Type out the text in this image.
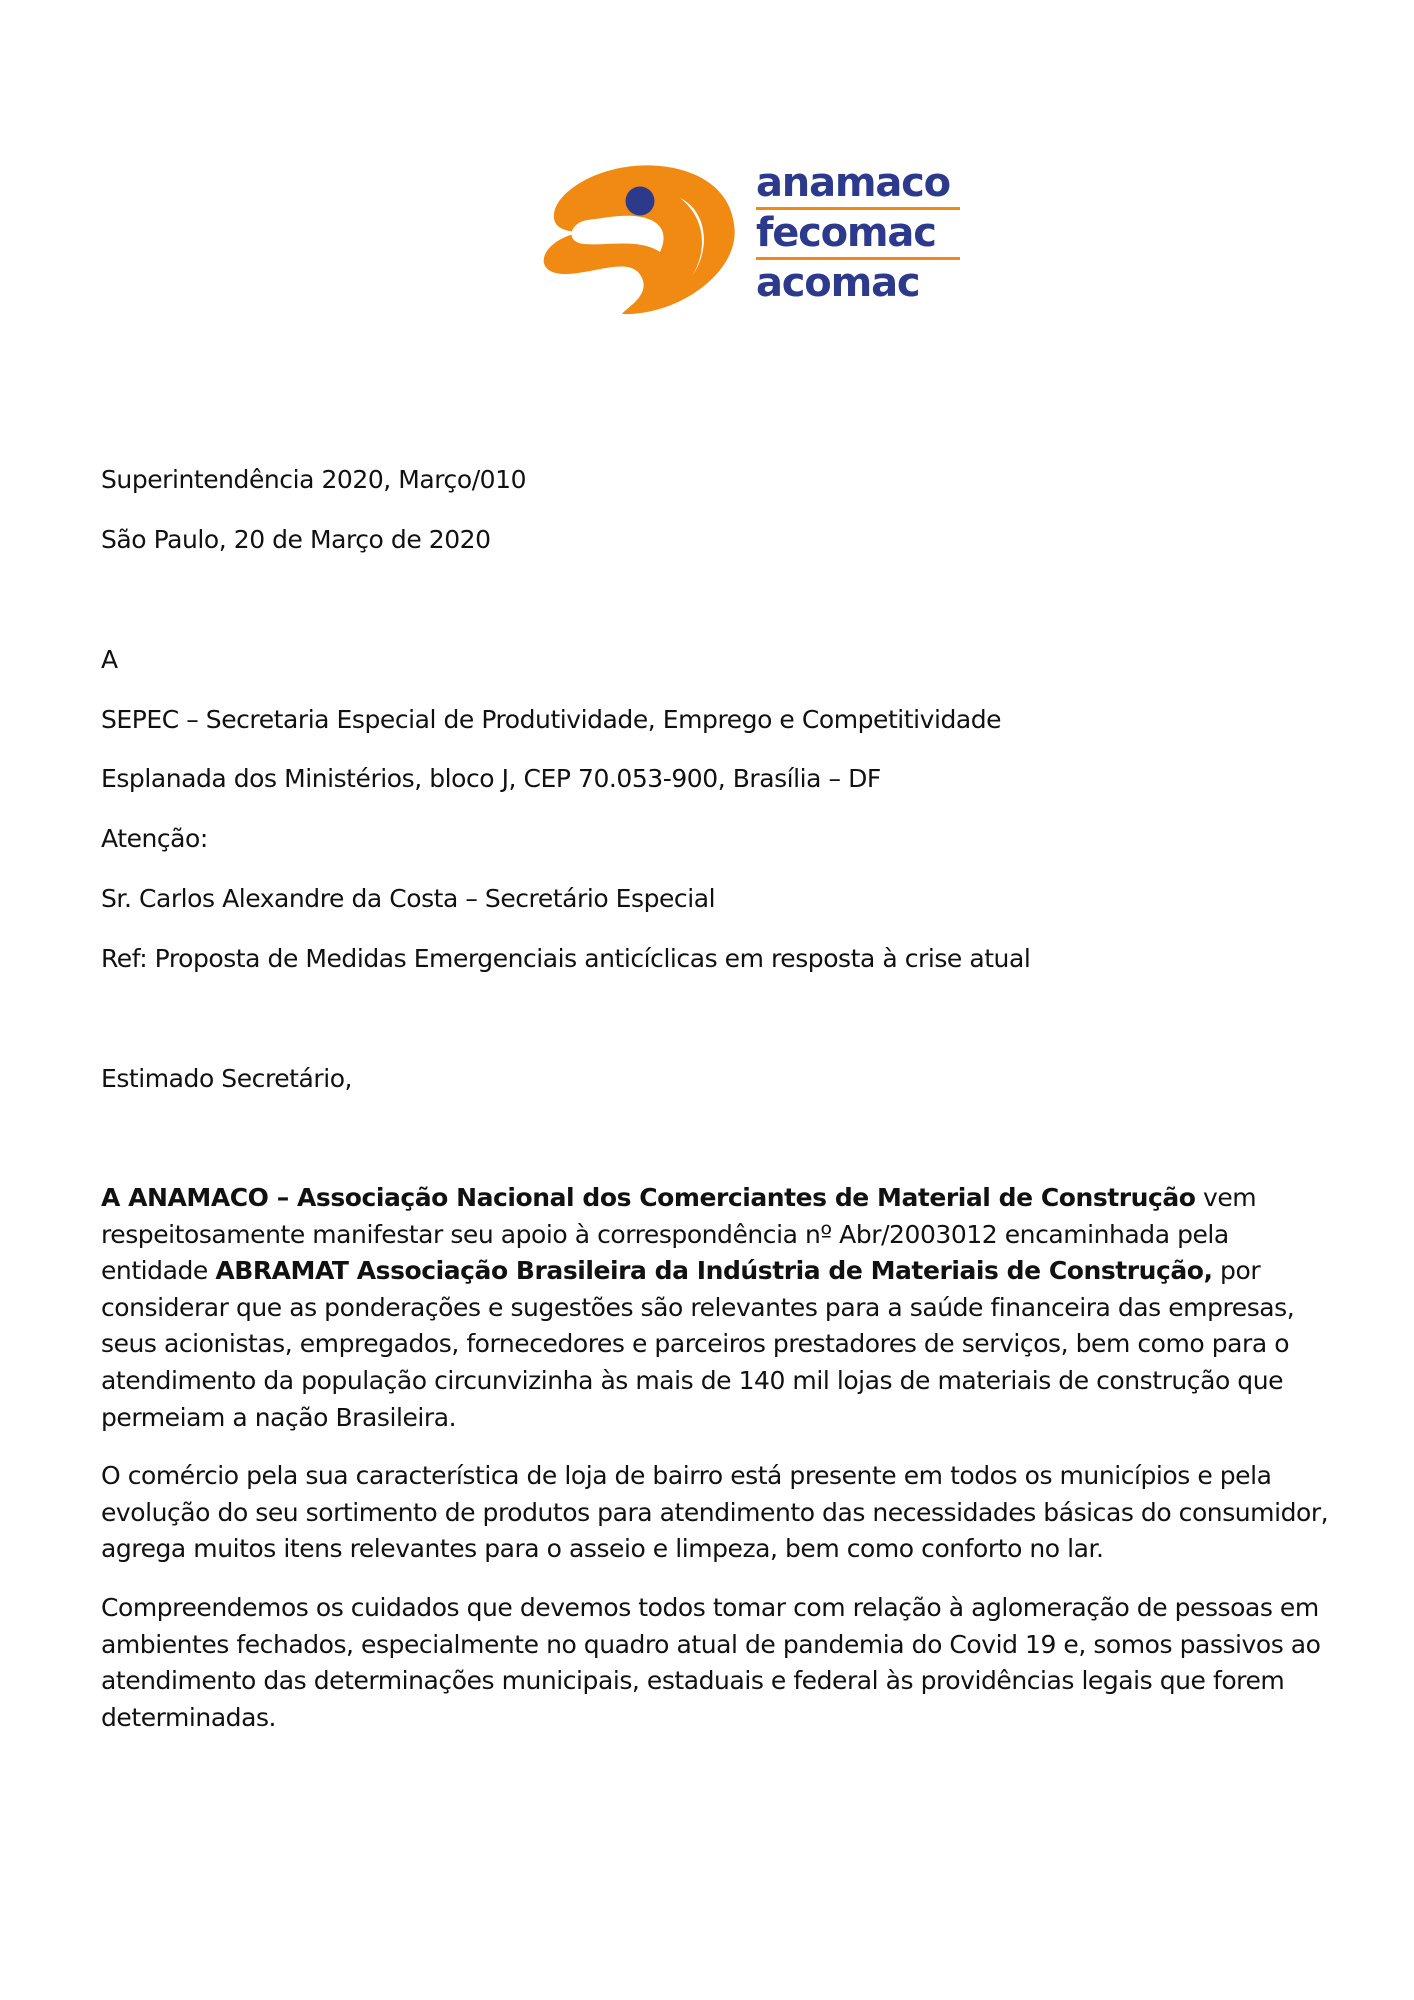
anamaco
fecomac
acomac
Superintendência 2020, Março/010
São Paulo, 20 de Março de 2020
A
SEPEC – Secretaria Especial de Produtividade, Emprego e Competitividade
Esplanada dos Ministérios, bloco J, CEP 70.053-900, Brasília – DF
Atenção:
Sr. Carlos Alexandre da Costa – Secretário Especial
Ref: Proposta de Medidas Emergenciais anticíclicas em resposta à crise atual
Estimado Secretário,
A ANAMACO – Associação Nacional dos Comerciantes de Material de Construção vem respeitosamente manifestar seu apoio à correspondência nº Abr/2003012 encaminhada pela entidade ABRAMAT Associação Brasileira da Indústria de Materiais de Construção, por considerar que as ponderações e sugestões são relevantes para a saúde financeira das empresas, seus acionistas, empregados, fornecedores e parceiros prestadores de serviços, bem como para o atendimento da população circunvizinha às mais de 140 mil lojas de materiais de construção que permeiam a nação Brasileira.
O comércio pela sua característica de loja de bairro está presente em todos os municípios e pela evolução do seu sortimento de produtos para atendimento das necessidades básicas do consumidor, agrega muitos itens relevantes para o asseio e limpeza, bem como conforto no lar.
Compreendemos os cuidados que devemos todos tomar com relação à aglomeração de pessoas em ambientes fechados, especialmente no quadro atual de pandemia do Covid 19 e, somos passivos ao atendimento das determinações municipais, estaduais e federal às providências legais que forem determinadas.
